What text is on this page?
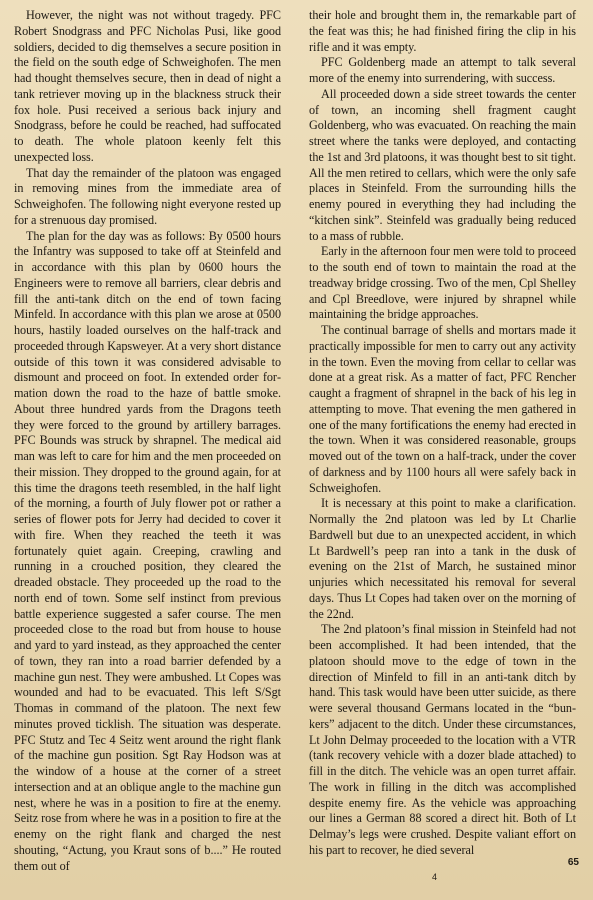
However, the night was not without tragedy. PFC Robert Snodgrass and PFC Nicholas Pusi, like good soldiers, decided to dig themselves a secure position in the field on the south edge of Schweighofen. The men had thought themselves secure, then in dead of night a tank retriever moving up in the blackness struck their fox hole. Pusi received a serious back injury and Snodgrass, before he could be reached, had suffocated to death. The whole platoon keenly felt this unexpected loss.

That day the remainder of the platoon was engaged in removing mines from the immediate area of Schweighofen. The following night everyone rested up for a strenuous day promised.

The plan for the day was as follows: By 0500 hours the Infantry was supposed to take off at Steinfeld and in accordance with this plan by 0600 hours the Engineers were to remove all barriers, clear debris and fill the anti-tank ditch on the end of town facing Minfeld. In accordance with this plan we arose at 0500 hours, hastily loaded ourselves on the half-track and proceeded through Kapsweyer. At a very short distance outside of this town it was considered advisable to dismount and proceed on foot. In extended order formation down the road to the haze of battle smoke. About three hundred yards from the Dragons teeth they were forced to the ground by artillery barrages. PFC Bounds was struck by shrapnel. The medical aid man was left to care for him and the men proceeded on their mission. They dropped to the ground again, for at this time the dragons teeth resembled, in the half light of the morning, a fourth of July flower pot or rather a series of flower pots for Jerry had decided to cover it with fire. When they reached the teeth it was fortunately quiet again. Creeping, crawling and running in a crouched position, they cleared the dreaded obstacle. They proceeded up the road to the north end of town. Some self instinct from previous battle experience suggested a safer course. The men proceeded close to the road but from house to house and yard to yard instead, as they approached the center of town, they ran into a road barrier defended by a machine gun nest. They were ambushed. Lt Copes was wounded and had to be evacuated. This left S/Sgt Thomas in command of the platoon. The next few minutes proved ticklish. The situation was desperate. PFC Stutz and Tec 4 Seitz went around the right flank of the machine gun position. Sgt Ray Hodson was at the window of a house at the corner of a street intersection and at an oblique angle to the machine gun nest, where he was in a position to fire at the enemy. Seitz rose from where he was in a position to fire at the enemy on the right flank and charged the nest shouting, “Actung, you Kraut sons of b....” He routed them out of

their hole and brought them in, the remarkable part of the feat was this; he had finished firing the clip in his rifle and it was empty.

PFC Goldenberg made an attempt to talk several more of the enemy into surrendering, with success.

All proceeded down a side street towards the center of town, an incoming shell fragment caught Goldenberg, who was evacuated. On reaching the main street where the tanks were deployed, and contacting the 1st and 3rd platoons, it was thought best to sit tight. All the men retired to cellars, which were the only safe places in Steinfeld. From the surrounding hills the enemy poured in everything they had including the “kitchen sink”. Steinfeld was gradually being reduced to a mass of rubble.

Early in the afternoon four men were told to proceed to the south end of town to maintain the road at the treadway bridge crossing. Two of the men, Cpl Shelley and Cpl Breedlove, were injured by shrapnel while maintaining the bridge approaches.

The continual barrage of shells and mortars made it practically impossible for men to carry out any activity in the town. Even the moving from cellar to cellar was done at a great risk. As a matter of fact, PFC Rencher caught a fragment of shrapnel in the back of his leg in attempting to move. That evening the men gathered in one of the many fortifications the enemy had erected in the town. When it was considered reasonable, groups moved out of the town on a half-track, under the cover of darkness and by 1100 hours all were safely back in Schweighofen.

It is necessary at this point to make a clarification. Normally the 2nd platoon was led by Lt Charlie Bardwell but due to an unexpected accident, in which Lt Bardwell’s peep ran into a tank in the dusk of evening on the 21st of March, he sustained minor unjuries which necessitated his removal for several days. Thus Lt Copes had taken over on the morning of the 22nd.

The 2nd platoon’s final mission in Steinfeld had not been accomplished. It had been intended, that the platoon should move to the edge of town in the direction of Minfeld to fill in an anti-tank ditch by hand. This task would have been utter suicide, as there were several thousand Germans located in the “bunkers” adjacent to the ditch. Under these circumstances, Lt John Delmay proceeded to the location with a VTR (tank recovery vehicle with a dozer blade attached) to fill in the ditch. The vehicle was an open turret affair. The work in filling in the ditch was accomplished despite enemy fire. As the vehicle was approaching our lines a German 88 scored a direct hit. Both of Lt Delmay’s legs were crushed. Despite valiant effort on his part to recover, he died several

65
4
